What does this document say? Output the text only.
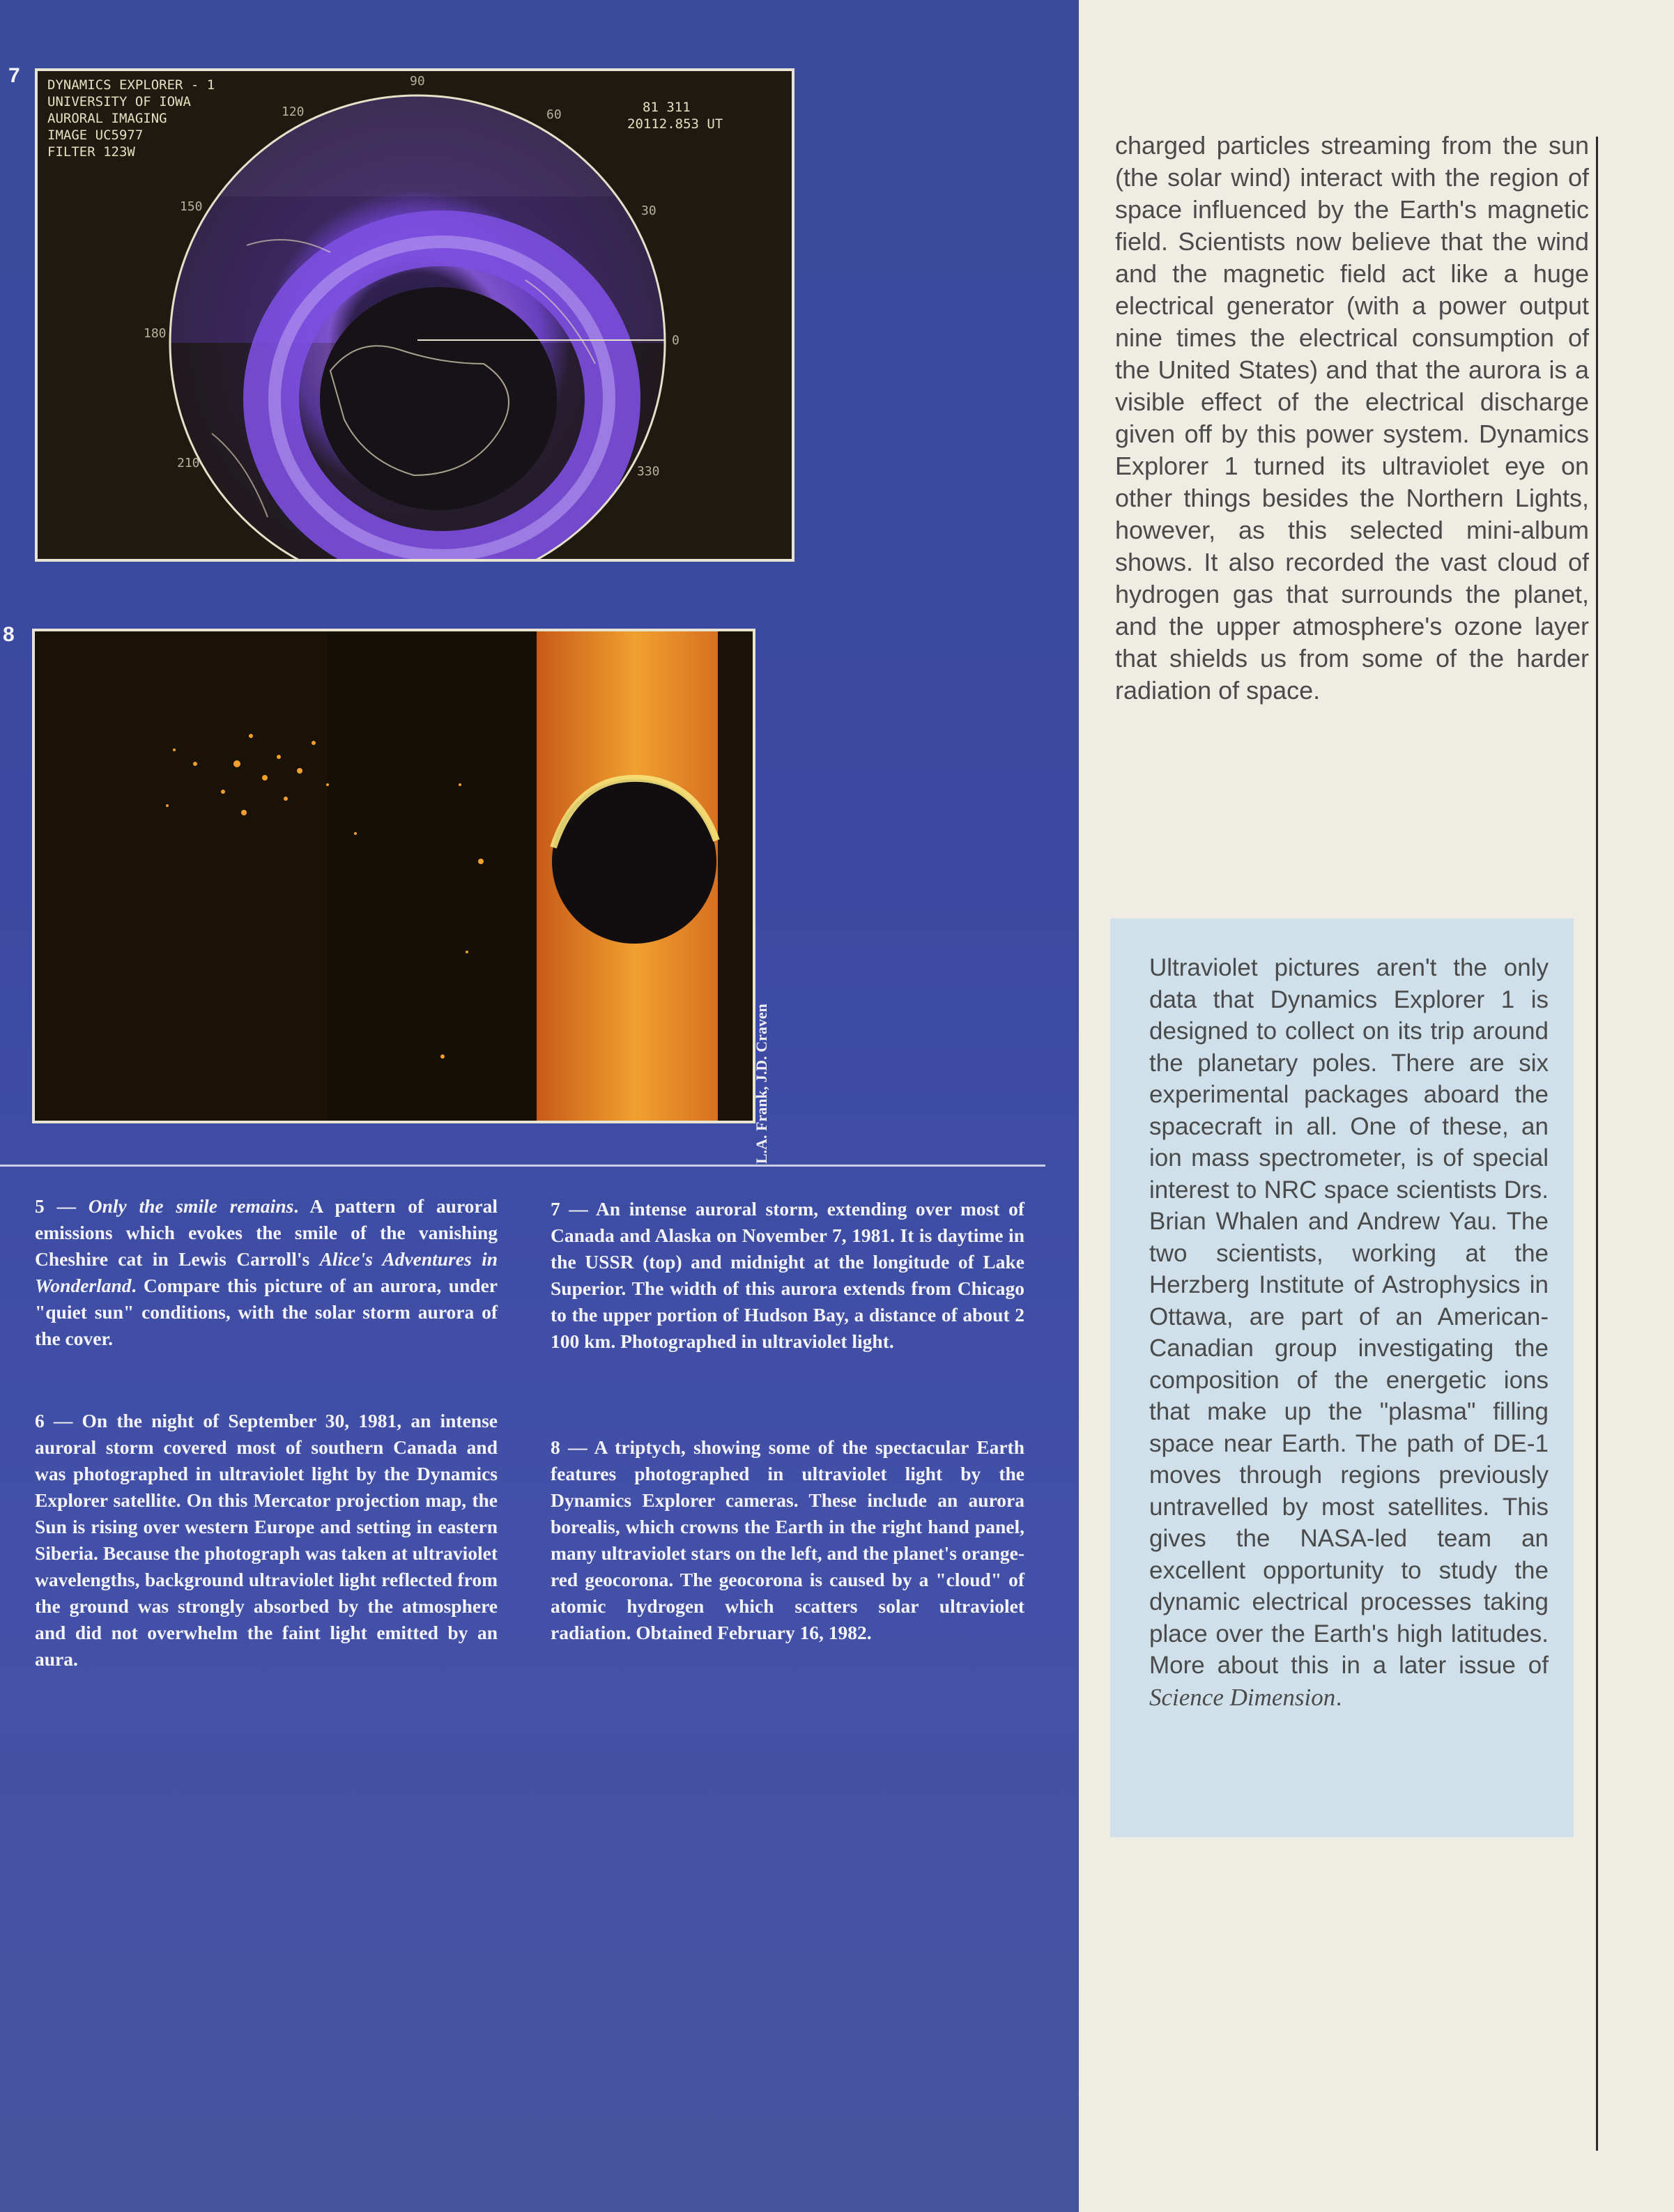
7 DYNAMICS EXPLORER - 1
UNIVERSITY OF IOWA
AURORAL IMAGING
IMAGE UC5977
FILTER 123W
81 311
20112.853 UT
90
60
30
0
330
210
180
150
120
8
L.A. Frank, J.D. Craven

5 — Only the smile remains. A pattern of auroral emissions which evokes the smile of the vanishing Cheshire cat in Lewis Carroll's Alice's Adventures in Wonderland. Compare this picture of an aurora, under "quiet sun" conditions, with the solar storm aurora of the cover.

6 — On the night of September 30, 1981, an intense auroral storm covered most of southern Canada and was photographed in ultraviolet light by the Dynamics Explorer satellite. On this Mercator projection map, the Sun is rising over western Europe and setting in eastern Siberia. Because the photograph was taken at ultraviolet wavelengths, background ultraviolet light reflected from the ground was strongly absorbed by the atmosphere and did not overwhelm the faint light emitted by an aura.

7 — An intense auroral storm, extending over most of Canada and Alaska on November 7, 1981. It is daytime in the USSR (top) and midnight at the longitude of Lake Superior. The width of this aurora extends from Chicago to the upper portion of Hudson Bay, a distance of about 2 100 km. Photographed in ultraviolet light.

8 — A triptych, showing some of the spectacular Earth features photographed in ultraviolet light by the Dynamics Explorer cameras. These include an aurora borealis, which crowns the Earth in the right hand panel, many ultraviolet stars on the left, and the planet's orange-red geocorona. The geocorona is caused by a "cloud" of atomic hydrogen which scatters solar ultraviolet radiation. Obtained February 16, 1982.

charged particles streaming from the sun (the solar wind) interact with the region of space influenced by the Earth's magnetic field. Scientists now believe that the wind and the magnetic field act like a huge electrical generator (with a power output nine times the electrical consumption of the United States) and that the aurora is a visible effect of the electrical discharge given off by this power system. Dynamics Explorer 1 turned its ultraviolet eye on other things besides the Northern Lights, however, as this selected mini-album shows. It also recorded the vast cloud of hydrogen gas that surrounds the planet, and the upper atmosphere's ozone layer that shields us from some of the harder radiation of space.

Ultraviolet pictures aren't the only data that Dynamics Explorer 1 is designed to collect on its trip around the planetary poles. There are six experimental packages aboard the spacecraft in all. One of these, an ion mass spectrometer, is of special interest to NRC space scientists Drs. Brian Whalen and Andrew Yau. The two scientists, working at the Herzberg Institute of Astrophysics in Ottawa, are part of an American-Canadian group investigating the composition of the energetic ions that make up the "plasma" filling space near Earth. The path of DE-1 moves through regions previously untravelled by most satellites. This gives the NASA-led team an excellent opportunity to study the dynamic electrical processes taking place over the Earth's high latitudes. More about this in a later issue of Science Dimension.
